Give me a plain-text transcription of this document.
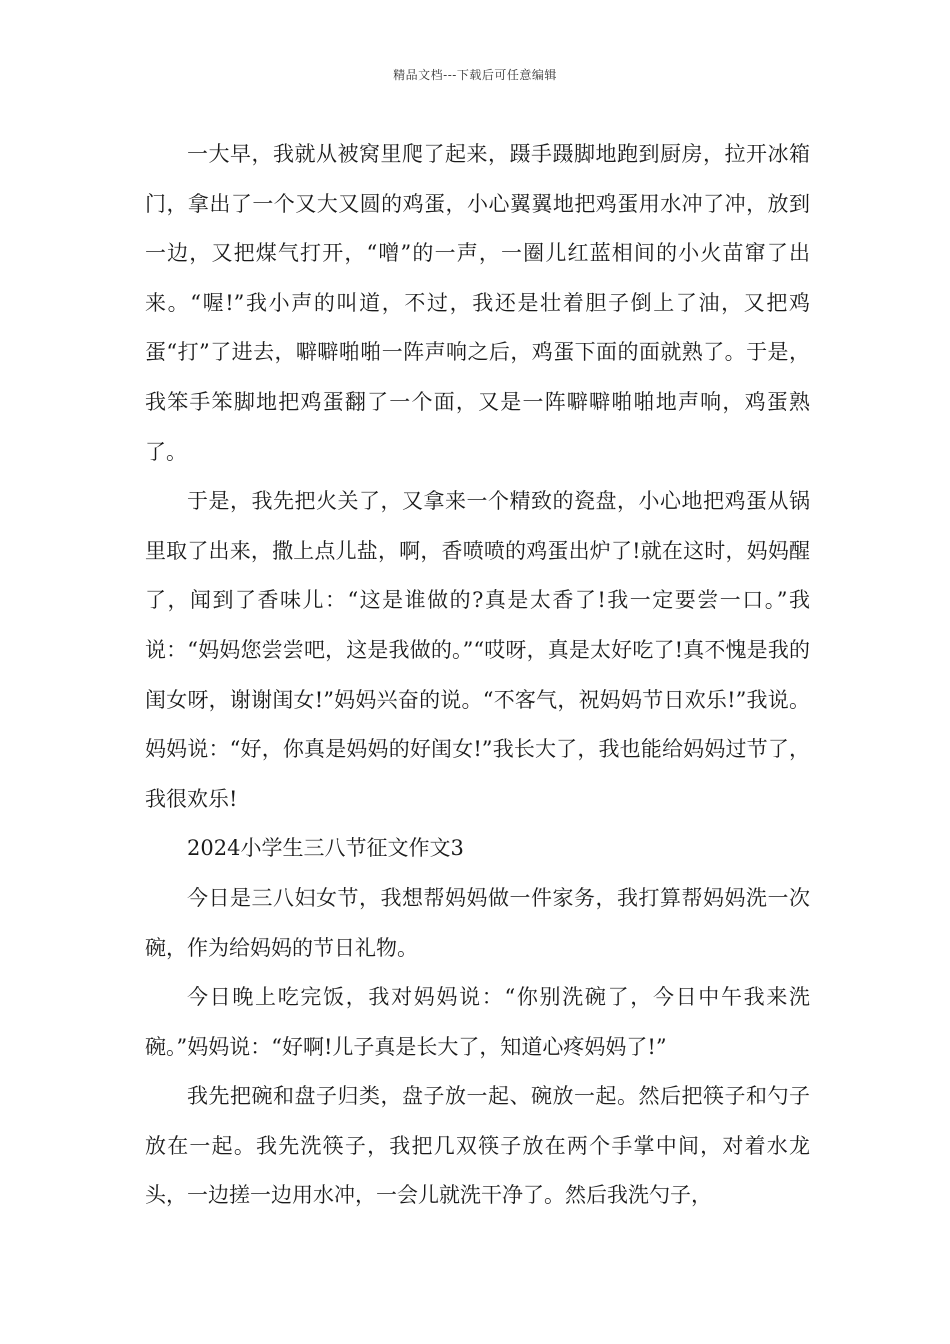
精品文档---下载后可任意编辑

一大早，我就从被窝里爬了起来，蹑手蹑脚地跑到厨房，拉开冰箱门，拿出了一个又大又圆的鸡蛋，小心翼翼地把鸡蛋用水冲了冲，放到一边，又把煤气打开，“噌”的一声，一圈儿红蓝相间的小火苗窜了出来。“喔!”我小声的叫道，不过，我还是壮着胆子倒上了油，又把鸡蛋“打”了进去，噼噼啪啪一阵声响之后，鸡蛋下面的面就熟了。于是，我笨手笨脚地把鸡蛋翻了一个面，又是一阵噼噼啪啪地声响，鸡蛋熟了。

于是，我先把火关了，又拿来一个精致的瓷盘，小心地把鸡蛋从锅里取了出来，撒上点儿盐，啊，香喷喷的鸡蛋出炉了!就在这时，妈妈醒了，闻到了香味儿：“这是谁做的?真是太香了!我一定要尝一口。”我说：“妈妈您尝尝吧，这是我做的。”“哎呀，真是太好吃了!真不愧是我的闺女呀，谢谢闺女!”妈妈兴奋的说。“不客气，祝妈妈节日欢乐!”我说。妈妈说：“好，你真是妈妈的好闺女!”我长大了，我也能给妈妈过节了，我很欢乐!

2024小学生三八节征文作文3

今日是三八妇女节，我想帮妈妈做一件家务，我打算帮妈妈洗一次碗，作为给妈妈的节日礼物。

今日晚上吃完饭，我对妈妈说：“你别洗碗了，今日中午我来洗碗。”妈妈说：“好啊!儿子真是长大了，知道心疼妈妈了!”

我先把碗和盘子归类，盘子放一起、碗放一起。然后把筷子和勺子放在一起。我先洗筷子，我把几双筷子放在两个手掌中间，对着水龙头，一边搓一边用水冲，一会儿就洗干净了。然后我洗勺子，
